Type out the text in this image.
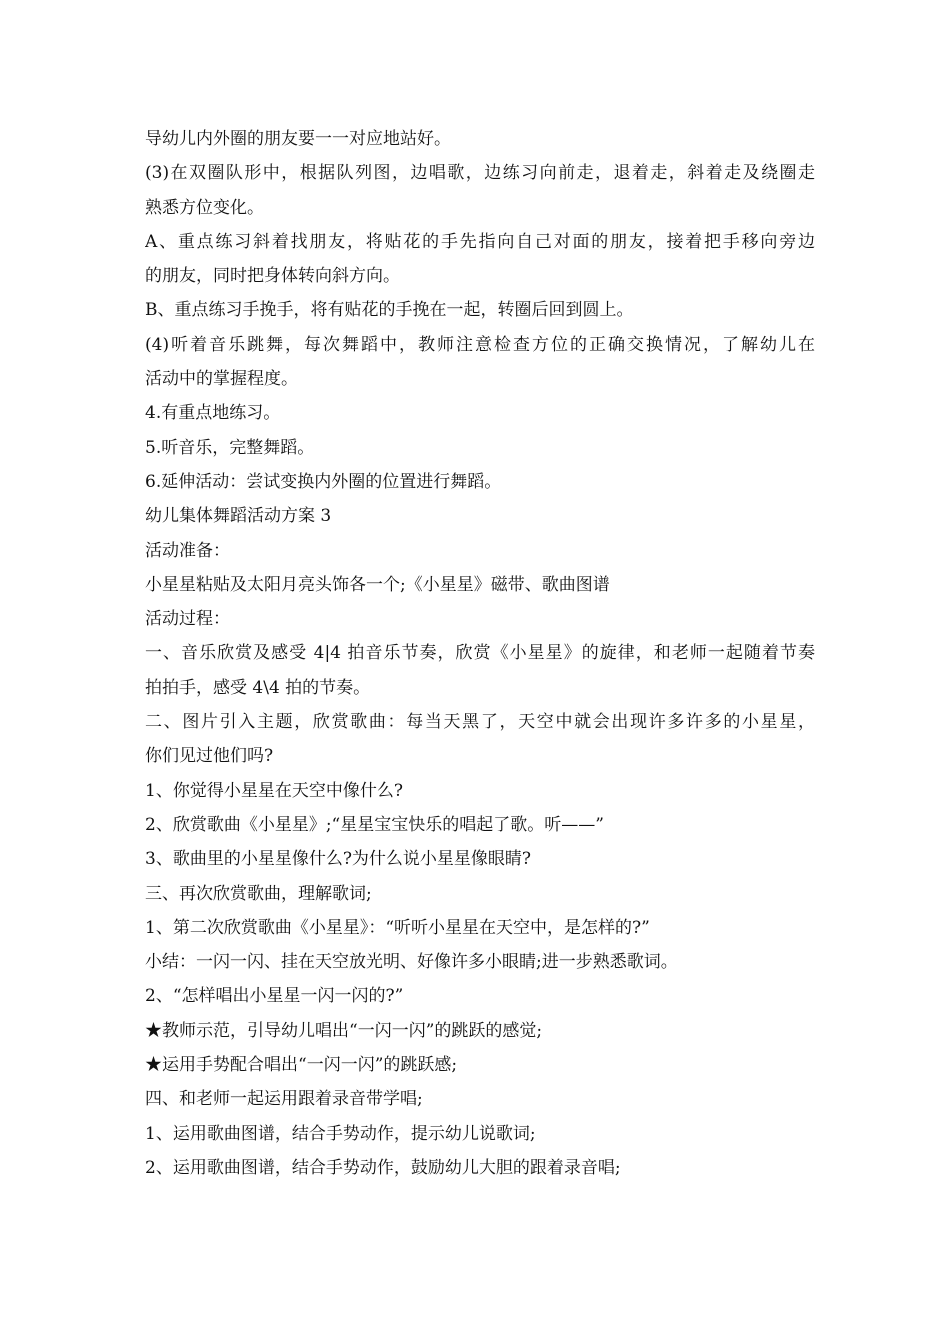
导幼儿内外圈的朋友要一一对应地站好。
(3)在双圈队形中，根据队列图，边唱歌，边练习向前走，退着走，斜着走及绕圈走
熟悉方位变化。
A、重点练习斜着找朋友，将贴花的手先指向自己对面的朋友，接着把手移向旁边
的朋友，同时把身体转向斜方向。
B、重点练习手挽手，将有贴花的手挽在一起，转圈后回到圆上。
(4)听着音乐跳舞，每次舞蹈中，教师注意检查方位的正确交换情况，了解幼儿在
活动中的掌握程度。
4.有重点地练习。
5.听音乐，完整舞蹈。
6.延伸活动：尝试变换内外圈的位置进行舞蹈。
幼儿集体舞蹈活动方案 3
活动准备：
小星星粘贴及太阳月亮头饰各一个;《小星星》磁带、歌曲图谱
活动过程：
一、音乐欣赏及感受 4|4 拍音乐节奏，欣赏《小星星》的旋律，和老师一起随着节奏
拍拍手，感受 4\4 拍的节奏。
二、图片引入主题，欣赏歌曲：每当天黑了，天空中就会出现许多许多的小星星，
你们见过他们吗?
1、你觉得小星星在天空中像什么?
2、欣赏歌曲《小星星》;“星星宝宝快乐的唱起了歌。听——”
3、歌曲里的小星星像什么?为什么说小星星像眼睛?
三、再次欣赏歌曲，理解歌词;
1、第二次欣赏歌曲《小星星》：“听听小星星在天空中，是怎样的?”
小结：一闪一闪、挂在天空放光明、好像许多小眼睛;进一步熟悉歌词。
2、“怎样唱出小星星一闪一闪的?”
★教师示范，引导幼儿唱出“一闪一闪”的跳跃的感觉;
★运用手势配合唱出“一闪一闪”的跳跃感;
四、和老师一起运用跟着录音带学唱;
1、运用歌曲图谱，结合手势动作，提示幼儿说歌词;
2、运用歌曲图谱，结合手势动作，鼓励幼儿大胆的跟着录音唱;
